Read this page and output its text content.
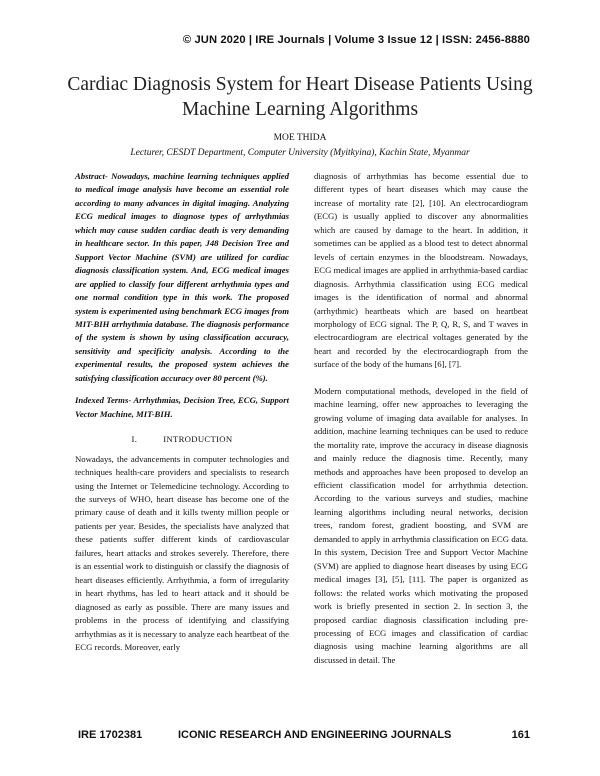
© JUN 2020 | IRE Journals | Volume 3 Issue 12 | ISSN: 2456-8880
Cardiac Diagnosis System for Heart Disease Patients Using Machine Learning Algorithms
MOE THIDA
Lecturer, CESDT Department, Computer University (Myitkyina), Kachin State, Myanmar

Abstract- Nowadays, machine learning techniques applied to medical image analysis have become an essential role according to many advances in digital imaging. Analyzing ECG medical images to diagnose types of arrhythmias which may cause sudden cardiac death is very demanding in healthcare sector. In this paper, J48 Decision Tree and Support Vector Machine (SVM) are utilized for cardiac diagnosis classification system. And, ECG medical images are applied to classify four different arrhythmia types and one normal condition type in this work. The proposed system is experimented using benchmark ECG images from MIT-BIH arrhythmia database. The diagnosis performance of the system is shown by using classification accuracy, sensitivity and specificity analysis. According to the experimental results, the proposed system achieves the satisfying classification accuracy over 80 percent (%).

Indexed Terms- Arrhythmias, Decision Tree, ECG, Support Vector Machine, MIT-BIH.

I.	INTRODUCTION

Nowadays, the advancements in computer technologies and techniques health-care providers and specialists to research using the Internet or Telemedicine technology. According to the surveys of WHO, heart disease has become one of the primary cause of death and it kills twenty million people or patients per year. Besides, the specialists have analyzed that these patients suffer different kinds of cardiovascular failures, heart attacks and strokes severely. Therefore, there is an essential work to distinguish or classify the diagnosis of heart diseases efficiently. Arrhythmia, a form of irregularity in heart rhythms, has led to heart attack and it should be diagnosed as early as possible. There are many issues and problems in the process of identifying and classifying arrhythmias as it is necessary to analyze each heartbeat of the ECG records. Moreover, early

diagnosis of arrhythmias has become essential due to different types of heart diseases which may cause the increase of mortality rate [2], [10]. An electrocardiogram (ECG) is usually applied to discover any abnormalities which are caused by damage to the heart. In addition, it sometimes can be applied as a blood test to detect abnormal levels of certain enzymes in the bloodstream. Nowadays, ECG medical images are applied in arrhythmia-based cardiac diagnosis. Arrhythmia classification using ECG medical images is the identification of normal and abnormal (arrhythmic) heartbeats which are based on heartbeat morphology of ECG signal. The P, Q, R, S, and T waves in electrocardiogram are electrical voltages generated by the heart and recorded by the electrocardiograph from the surface of the body of the humans [6], [7].

Modern computational methods, developed in the field of machine learning, offer new approaches to leveraging the growing volume of imaging data available for analyses. In addition, machine learning techniques can be used to reduce the mortality rate, improve the accuracy in disease diagnosis and mainly reduce the diagnosis time. Recently, many methods and approaches have been proposed to develop an efficient classification model for arrhythmia detection. According to the various surveys and studies, machine learning algorithms including neural networks, decision trees, random forest, gradient boosting, and SVM are demanded to apply in arrhythmia classification on ECG data. In this system, Decision Tree and Support Vector Machine (SVM) are applied to diagnose heart diseases by using ECG medical images [3], [5], [11]. The paper is organized as follows: the related works which motivating the proposed work is briefly presented in section 2. In section 3, the proposed cardiac diagnosis classification including pre-processing of ECG images and classification of cardiac diagnosis using machine learning algorithms are all discussed in detail. The

IRE 1702381	ICONIC RESEARCH AND ENGINEERING JOURNALS	161
